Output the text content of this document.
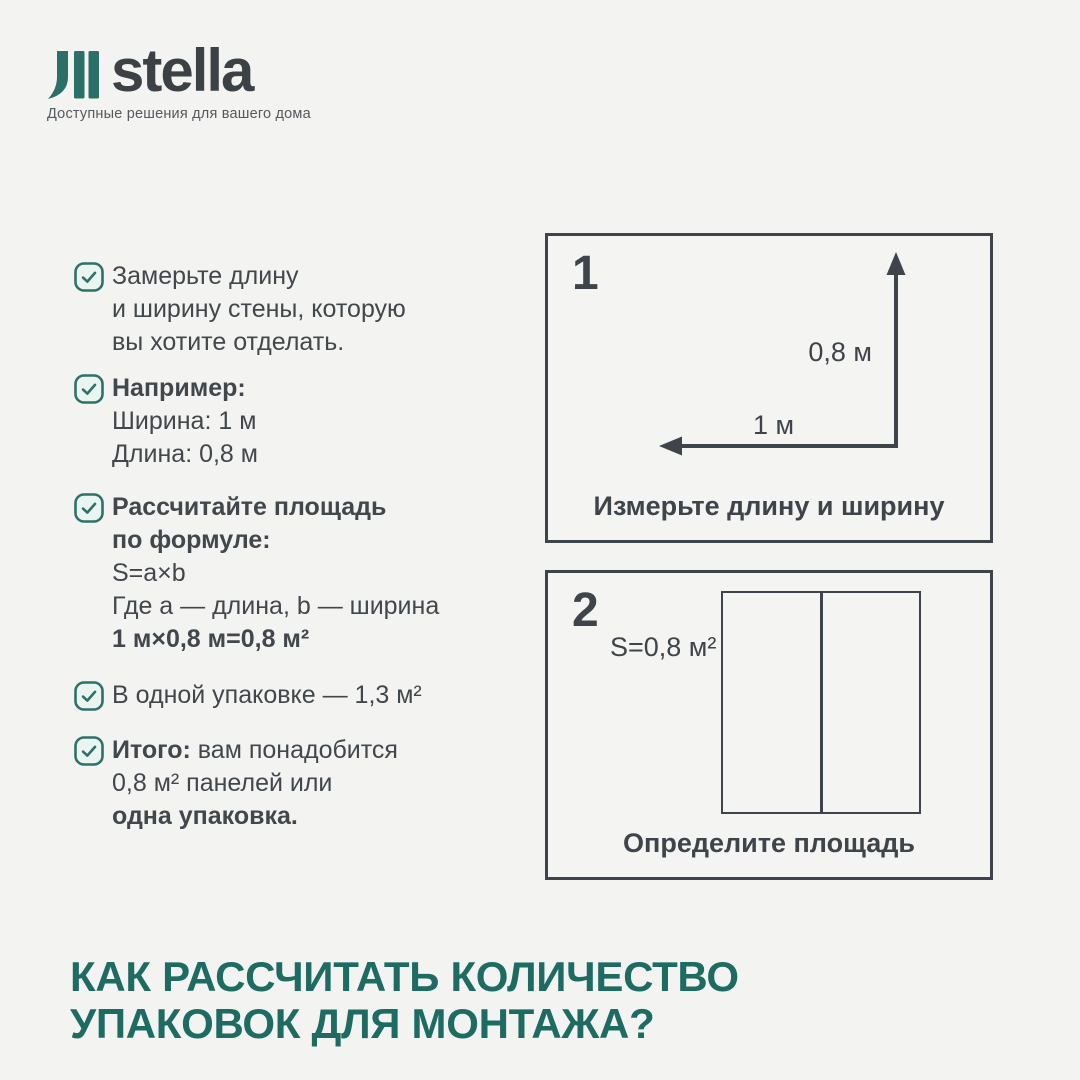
stella
Доступные решения для вашего дома
Замерьте длину
и ширину стены, которую
вы хотите отделать.
Например:
Ширина: 1 м
Длина: 0,8 м
Рассчитайте площадь
по формуле:
S=a×b
Где a — длина, b — ширина
1 м×0,8 м=0,8 м²
В одной упаковке — 1,3 м²
Итого: вам понадобится
0,8 м² панелей или
одна упаковка.
1
0,8 м
1 м
Измерьте длину и ширину
2
S=0,8 м²
Определите площадь
КАК РАССЧИТАТЬ КОЛИЧЕСТВО
УПАКОВОК ДЛЯ МОНТАЖА?
